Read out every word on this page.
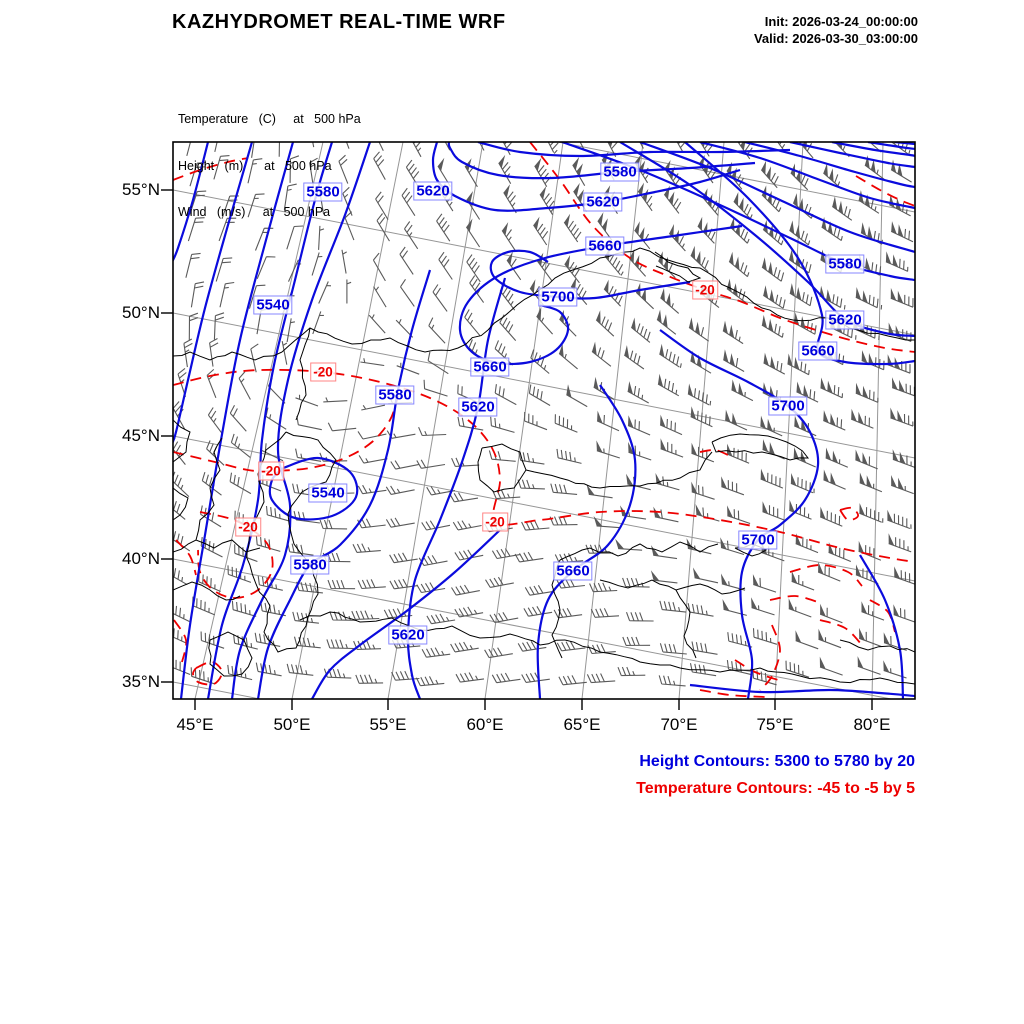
KAZHYDROMET REAL-TIME WRF	Init: 2026-03-24_00:00:00
Valid: 2026-03-30_03:00:00

Temperature   (C)     at   500 hPa

Height   (m)      at   500 hPa

Wind   (m/s)     at   500 hPa

Height Contours: 5300 to 5780 by 20
Temperature Contours: -45 to -5 by 5
55°N
50°N
45°N
40°N
35°N
45°E	50°E	55°E	60°E	65°E	70°E	75°E	80°E
5580	5620
5580
5620
5660
5700
5580
5620
5660
5700
5540
5660
5580
5620
5540
5580	5660
5700
5620
-20
-20
-20
-20	-20
